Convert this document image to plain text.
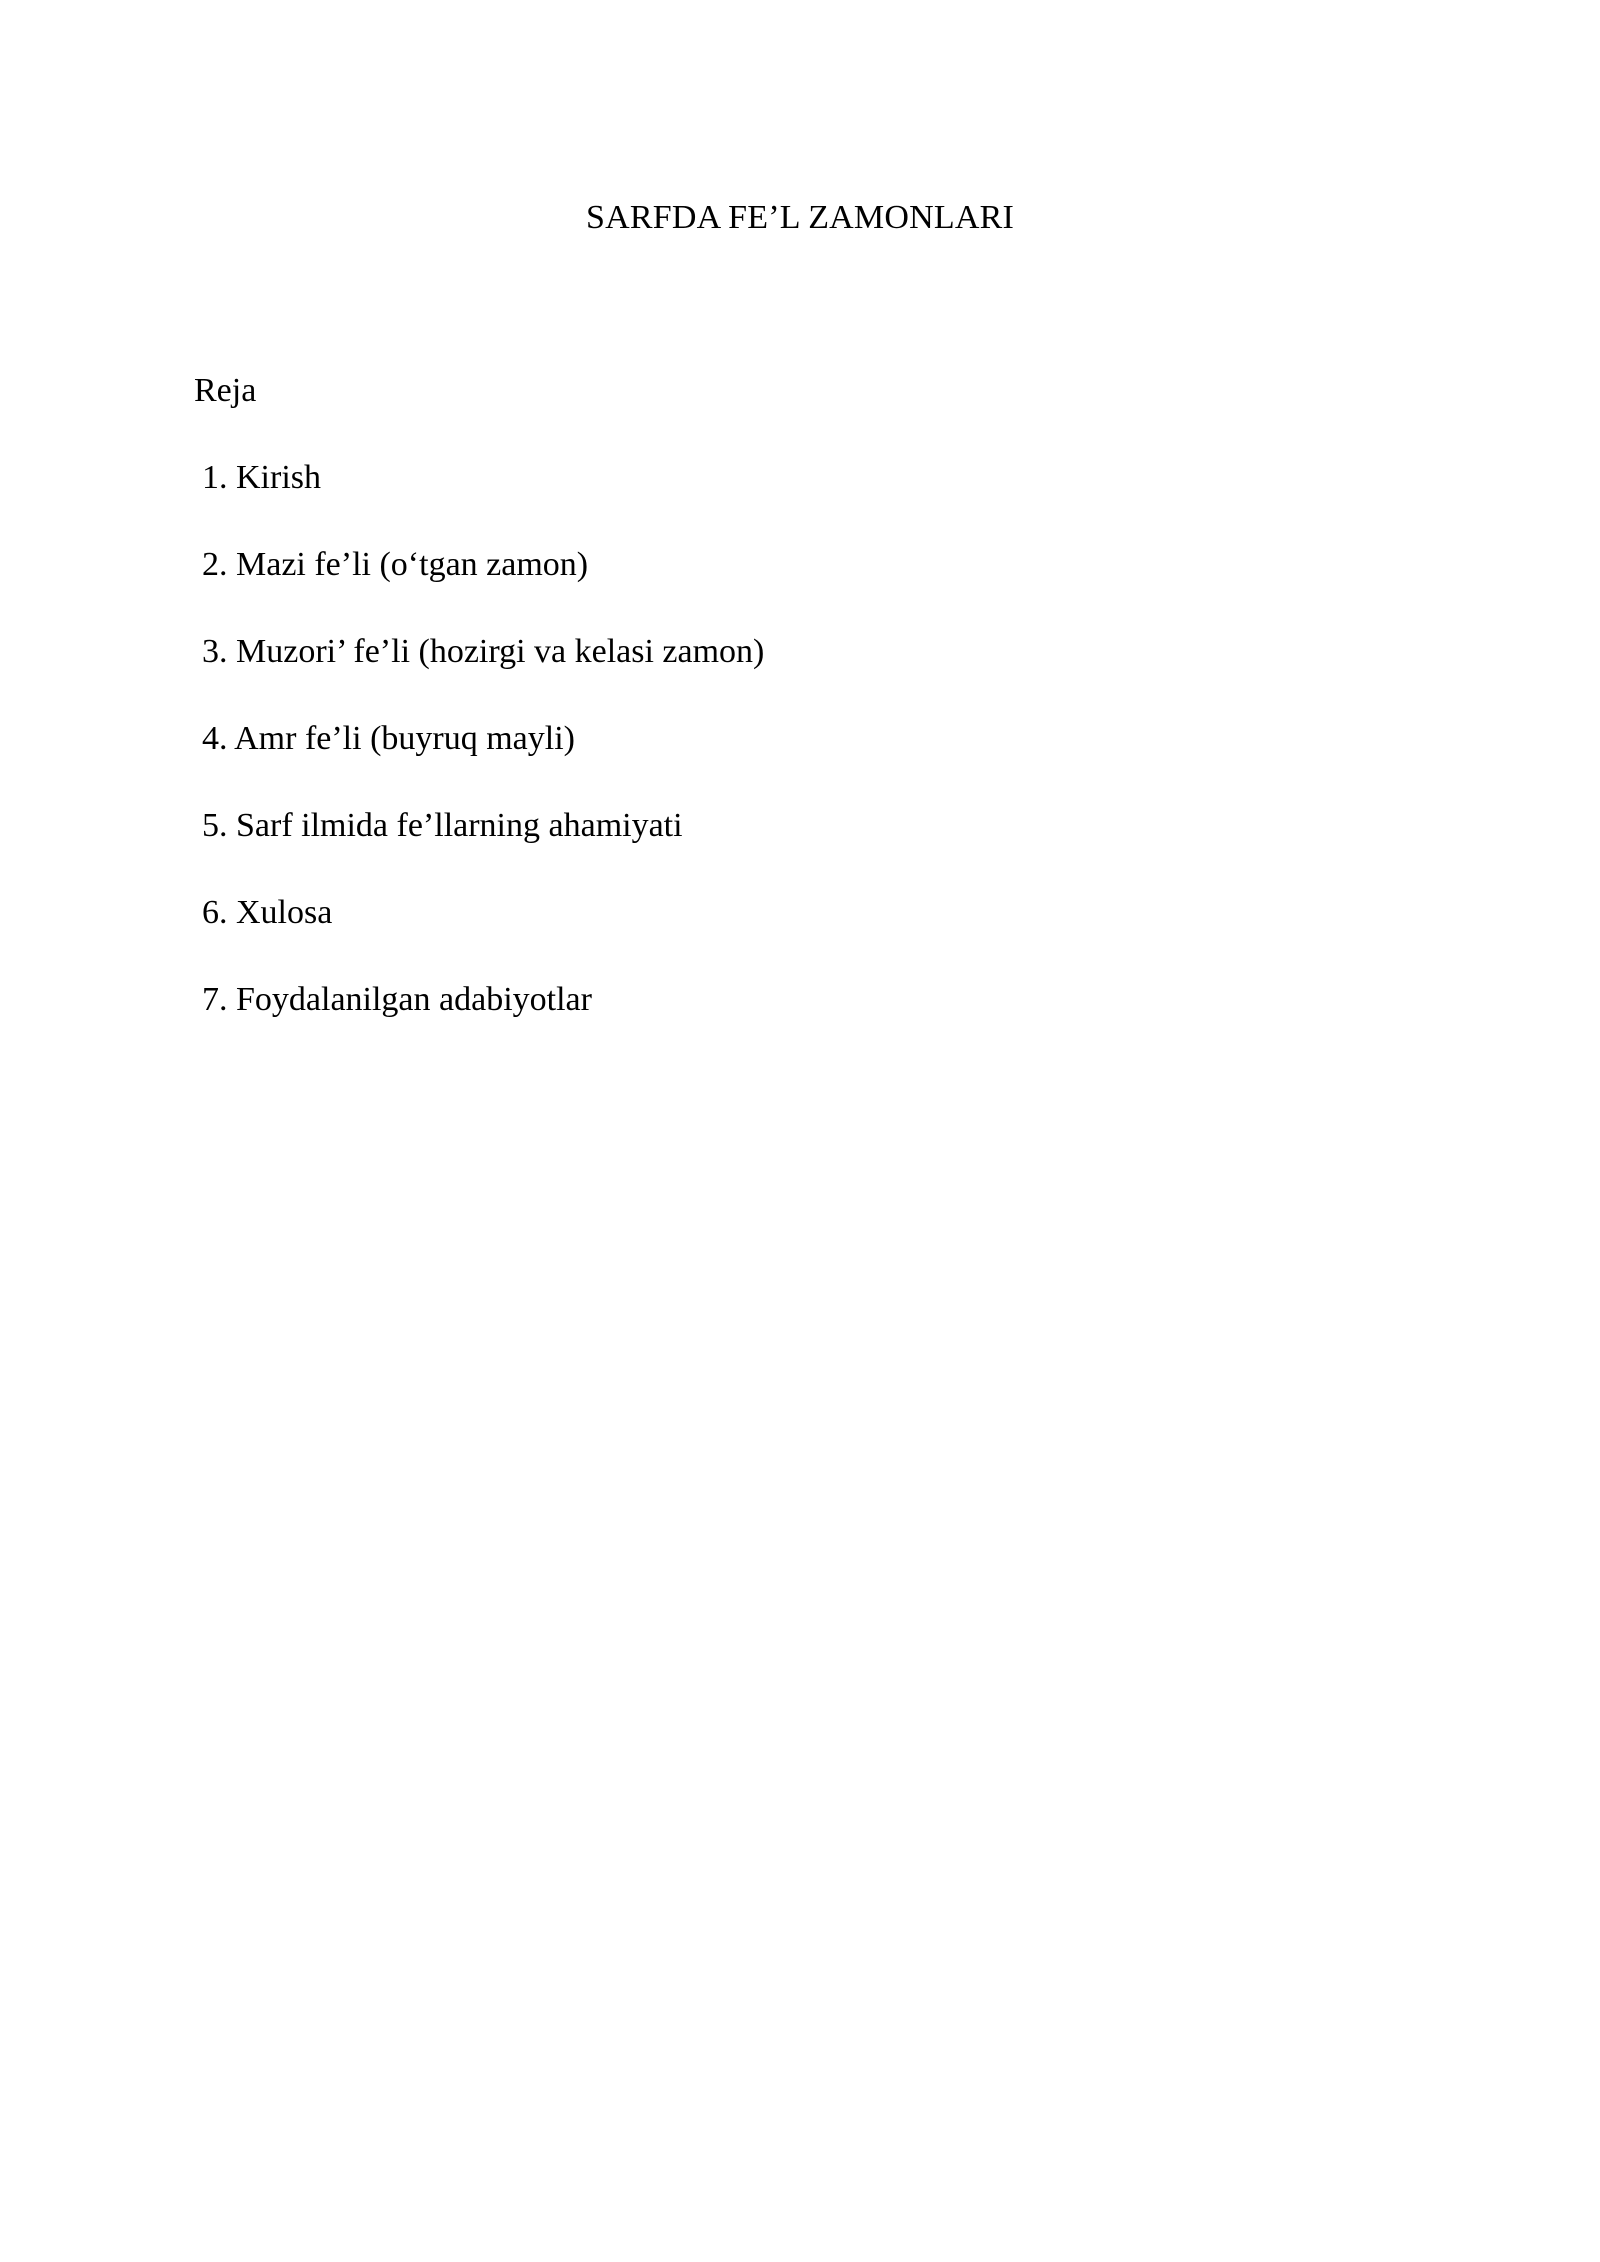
SARFDA FE’L ZAMONLARI
Reja
1. Kirish
2. Mazi fe’li (o‘tgan zamon)
3. Muzori’ fe’li (hozirgi va kelasi zamon)
4. Amr fe’li (buyruq mayli)
5. Sarf ilmida fe’llarning ahamiyati
6. Xulosa
7. Foydalanilgan adabiyotlar
